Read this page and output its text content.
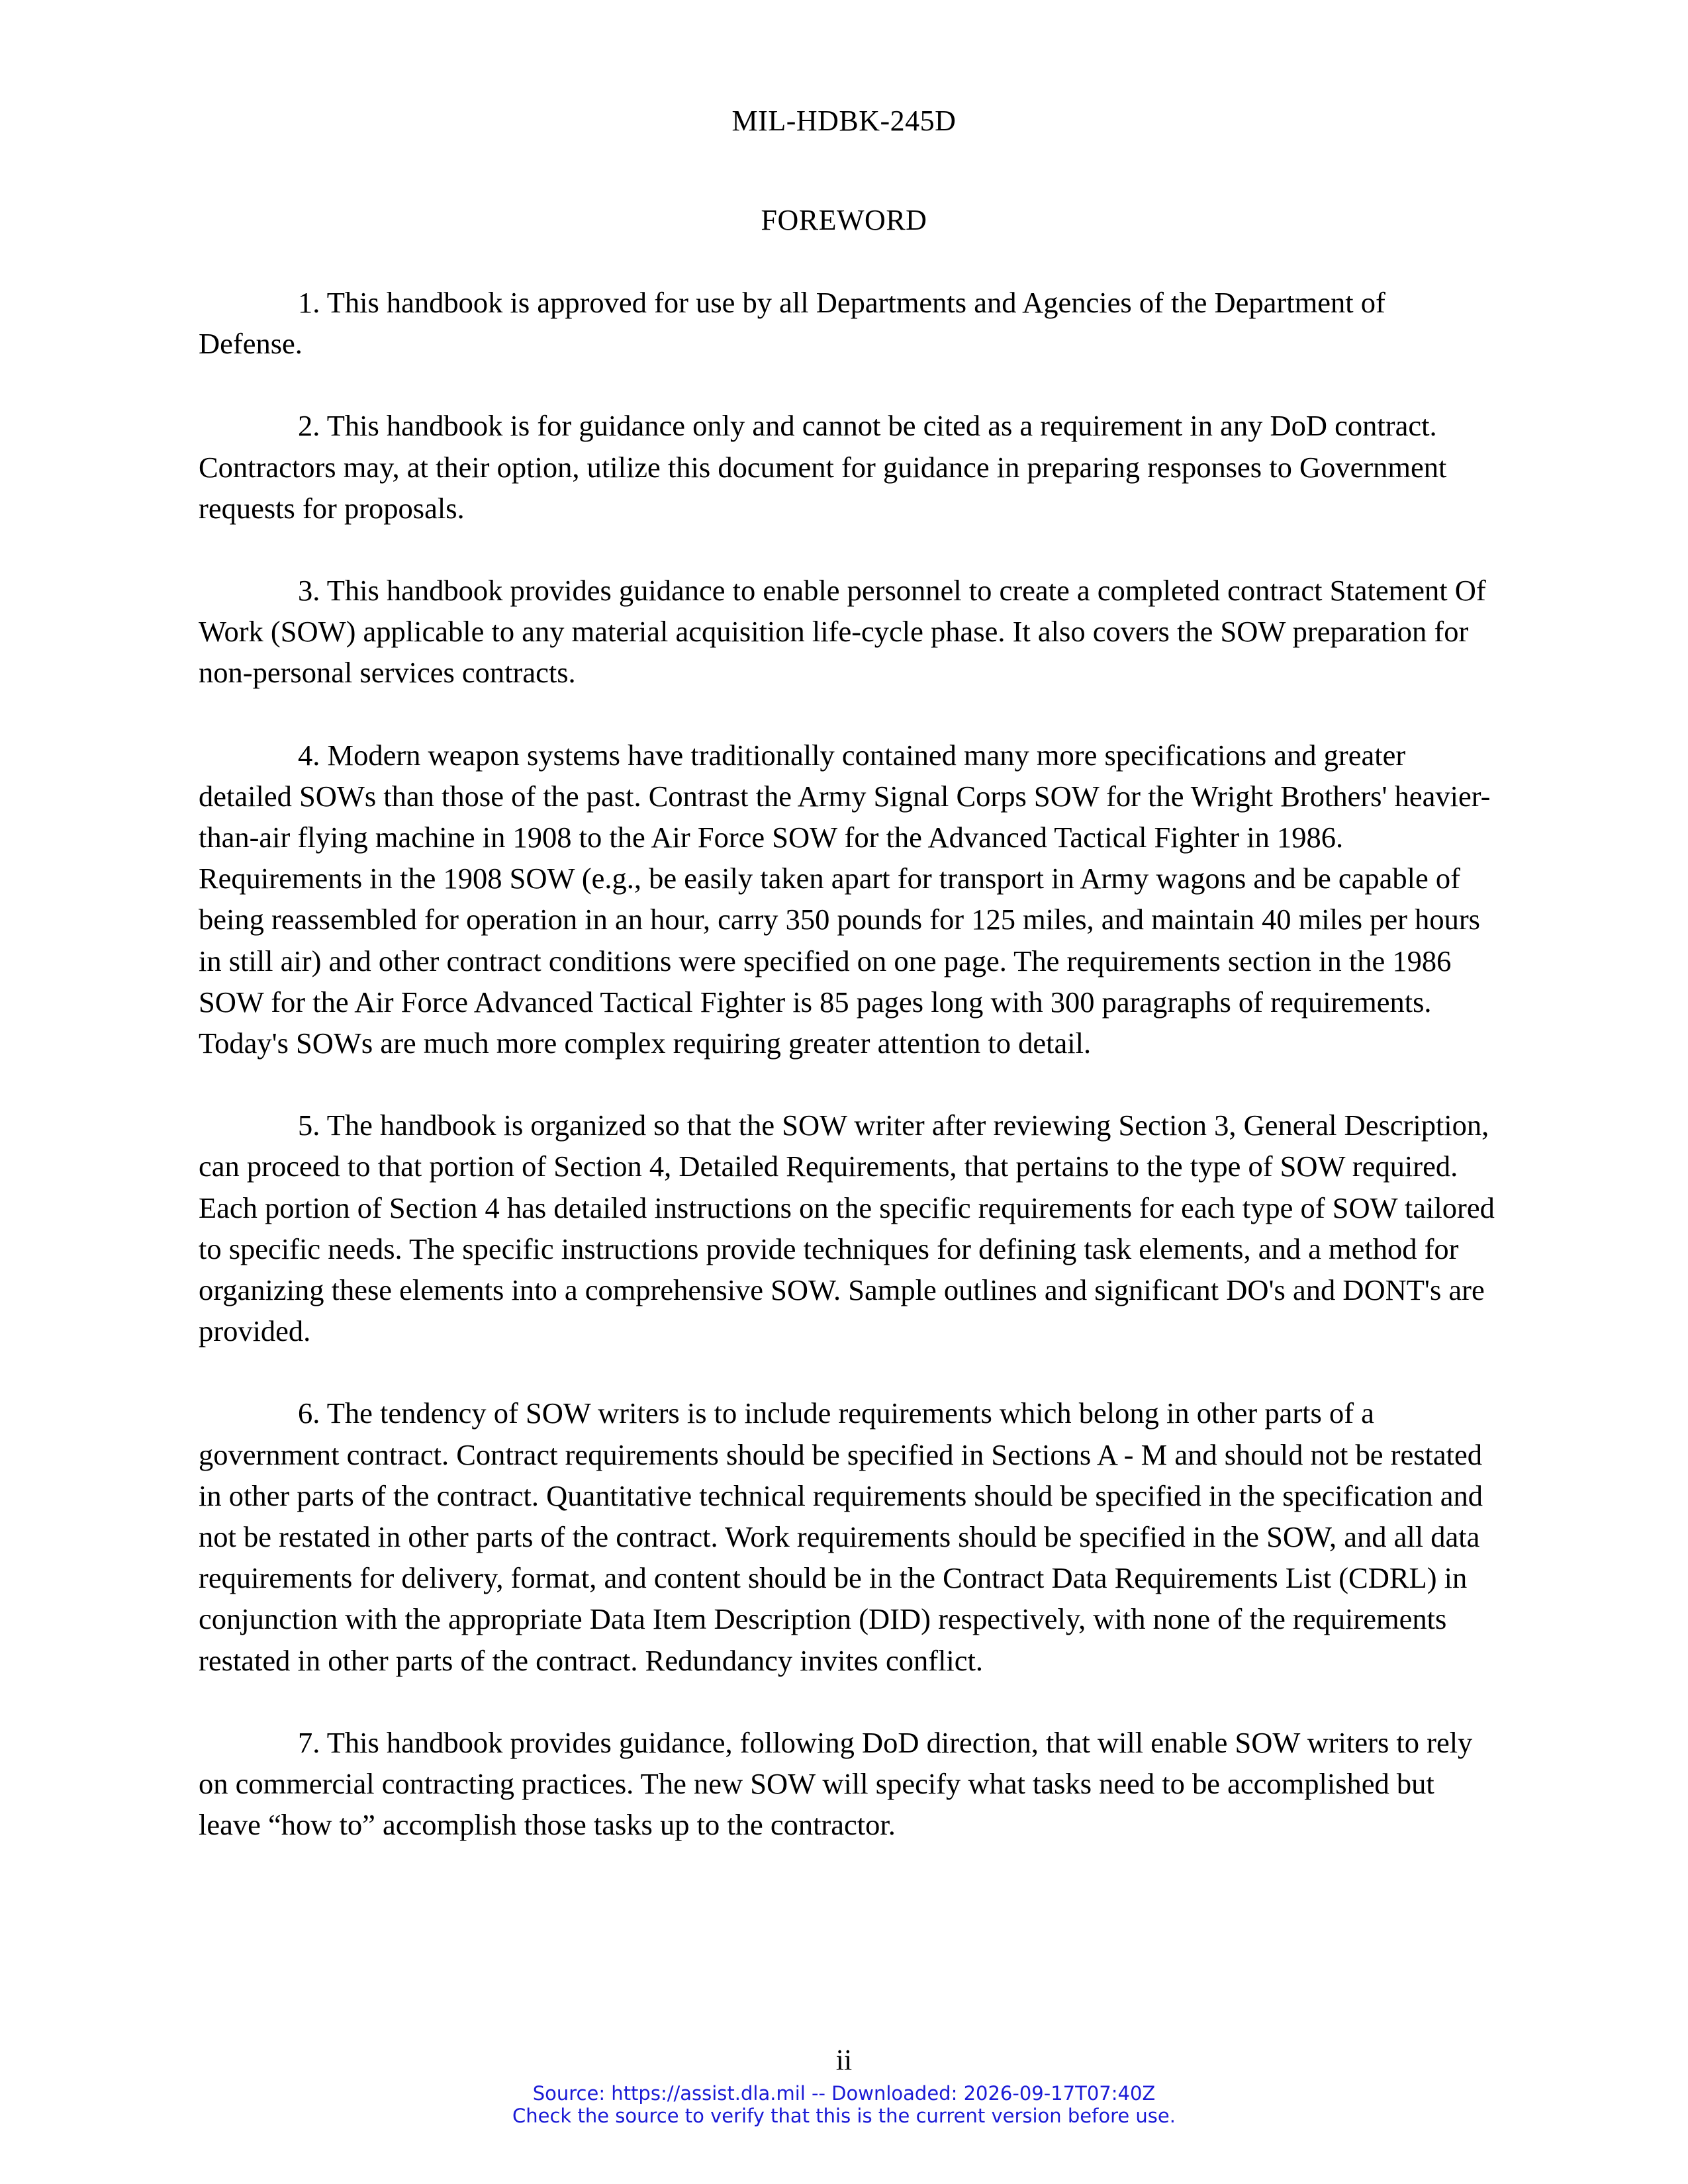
MIL-HDBK-245D
FOREWORD

1. This handbook is approved for use by all Departments and Agencies of the Department of Defense.

2. This handbook is for guidance only and cannot be cited as a requirement in any DoD contract. Contractors may, at their option, utilize this document for guidance in preparing responses to Government requests for proposals.

3. This handbook provides guidance to enable personnel to create a completed contract Statement Of Work (SOW) applicable to any material acquisition life-cycle phase. It also covers the SOW preparation for non-personal services contracts.

4. Modern weapon systems have traditionally contained many more specifications and greater detailed SOWs than those of the past. Contrast the Army Signal Corps SOW for the Wright Brothers' heavier-than-air flying machine in 1908 to the Air Force SOW for the Advanced Tactical Fighter in 1986. Requirements in the 1908 SOW (e.g., be easily taken apart for transport in Army wagons and be capable of being reassembled for operation in an hour, carry 350 pounds for 125 miles, and maintain 40 miles per hours in still air) and other contract conditions were specified on one page. The requirements section in the 1986 SOW for the Air Force Advanced Tactical Fighter is 85 pages long with 300 paragraphs of requirements. Today's SOWs are much more complex requiring greater attention to detail.

5. The handbook is organized so that the SOW writer after reviewing Section 3, General Description, can proceed to that portion of Section 4, Detailed Requirements, that pertains to the type of SOW required. Each portion of Section 4 has detailed instructions on the specific requirements for each type of SOW tailored to specific needs. The specific instructions provide techniques for defining task elements, and a method for organizing these elements into a comprehensive SOW. Sample outlines and significant DO's and DONT's are provided.

6. The tendency of SOW writers is to include requirements which belong in other parts of a government contract. Contract requirements should be specified in Sections A - M and should not be restated in other parts of the contract. Quantitative technical requirements should be specified in the specification and not be restated in other parts of the contract. Work requirements should be specified in the SOW, and all data requirements for delivery, format, and content should be in the Contract Data Requirements List (CDRL) in conjunction with the appropriate Data Item Description (DID) respectively, with none of the requirements restated in other parts of the contract. Redundancy invites conflict.

7. This handbook provides guidance, following DoD direction, that will enable SOW writers to rely on commercial contracting practices. The new SOW will specify what tasks need to be accomplished but leave “how to” accomplish those tasks up to the contractor.

ii
Source: https://assist.dla.mil -- Downloaded: 2026-09-17T07:40Z
Check the source to verify that this is the current version before use.
